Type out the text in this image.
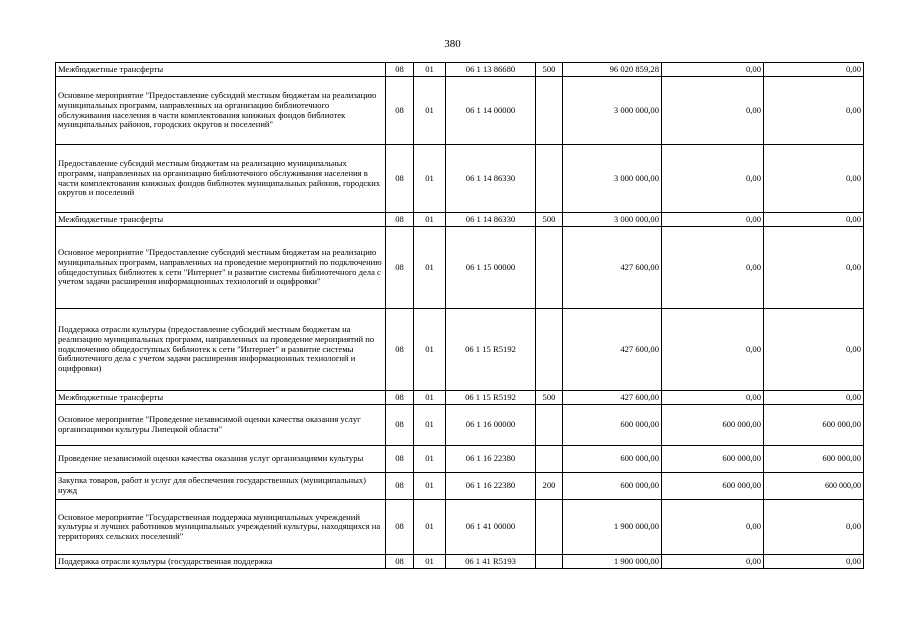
380
Межбюджетные трансферты	08	01	06 1 13 86680	500	96 020 859,28	0,00	0,00
Основное мероприятие "Предоставление субсидий местным бюджетам на реализацию муниципальных программ, направленных на организацию библиотечного обслуживания населения в части комплектования книжных фондов библиотек муниципальных районов, городских округов и поселений"	08	01	06 1 14 00000		3 000 000,00	0,00	0,00
Предоставление субсидий местным бюджетам на реализацию муниципальных программ, направленных на организацию библиотечного обслуживания населения в части комплектования книжных фондов библиотек муниципальных районов, городских округов и поселений	08	01	06 1 14 86330		3 000 000,00	0,00	0,00
Межбюджетные трансферты	08	01	06 1 14 86330	500	3 000 000,00	0,00	0,00
Основное мероприятие "Предоставление субсидий местным бюджетам на реализацию муниципальных программ, направленных на проведение мероприятий по подключению общедоступных библиотек к сети "Интернет" и развитие системы библиотечного дела с учетом задачи расширения информационных технологий и оцифровки"	08	01	06 1 15 00000		427 600,00	0,00	0,00
Поддержка отрасли культуры (предоставление субсидий местным бюджетам на реализацию муниципальных программ, направленных на проведение мероприятий по подключению общедоступных библиотек к сети "Интернет" и развитие системы библиотечного дела с учетом задачи расширения информационных технологий и оцифровки)	08	01	06 1 15 R5192		427 600,00	0,00	0,00
Межбюджетные трансферты	08	01	06 1 15 R5192	500	427 600,00	0,00	0,00
Основное мероприятие "Проведение независимой оценки качества оказания услуг организациями культуры Липецкой области"	08	01	06 1 16 00000		600 000,00	600 000,00	600 000,00
Проведение независимой оценки качества оказания услуг организациями культуры	08	01	06 1 16 22380		600 000,00	600 000,00	600 000,00
Закупка товаров, работ и услуг для обеспечения государственных (муниципальных) нужд	08	01	06 1 16 22380	200	600 000,00	600 000,00	600 000,00
Основное мероприятие "Государственная поддержка муниципальных учреждений культуры и лучших работников муниципальных учреждений культуры, находящихся на территориях сельских поселений"	08	01	06 1 41 00000		1 900 000,00	0,00	0,00
Поддержка отрасли культуры (государственная поддержка	08	01	06 1 41 R5193		1 900 000,00	0,00	0,00
